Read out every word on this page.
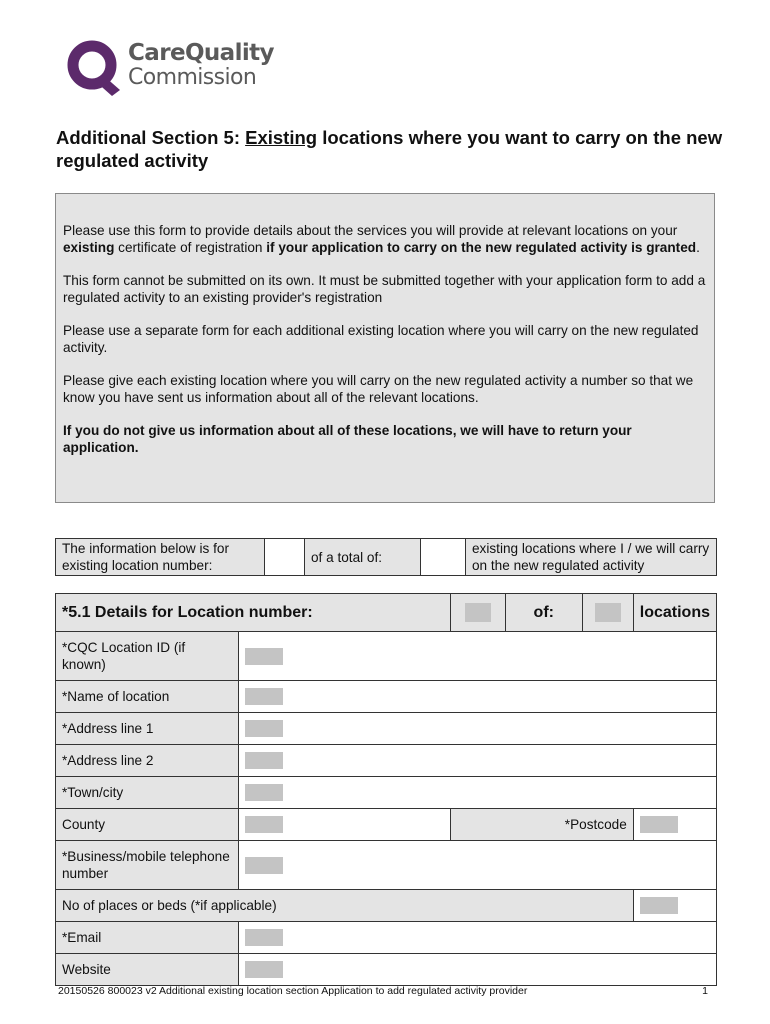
CareQuality
Commission
Additional Section 5: Existing locations where you want to carry on the new regulated activity

Please use this form to provide details about the services you will provide at relevant locations on your existing certificate of registration if your application to carry on the new regulated activity is granted.

This form cannot be submitted on its own. It must be submitted together with your application form to add a regulated activity to an existing provider's registration

Please use a separate form for each additional existing location where you will carry on the new regulated activity.

Please give each existing location where you will carry on the new regulated activity a number so that we know you have sent us information about all of the relevant locations.

If you do not give us information about all of these locations, we will have to return your application.

The information below is for existing location number:		of a total of:		existing locations where I / we will carry on the new regulated activity
*5.1 Details for Location number:			of:		locations
*CQC Location ID (if known)					
*Name of location					
*Address line 1					
*Address line 2					
*Town/city					
County		*Postcode			
*Business/mobile telephone number					
No of places or beds (*if applicable)					
*Email					
Website					
20150526 800023 v2 Additional existing location section Application to add regulated activity provider	1
